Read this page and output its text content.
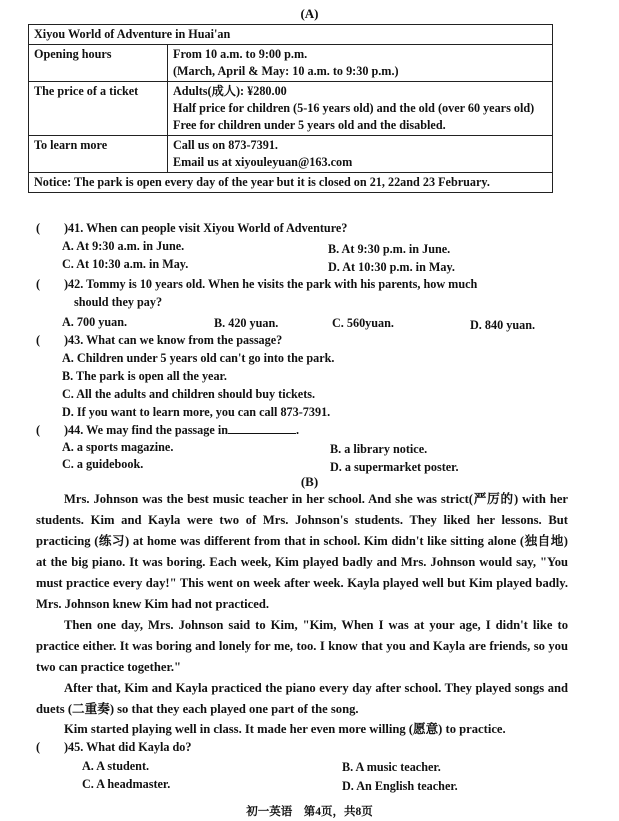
(A)
Xiyou World of Adventure in Huai'an	
Opening hours	From 10 a.m. to 9:00 p.m.
(March, April & May: 10 a.m. to 9:30 p.m.)

The price of a ticket	Adults(成人): ¥280.00
Half price for children (5-16 years old) and the old (over 60 years old)
Free for children under 5 years old and the disabled.

To learn more	Call us on 873-7391.
Email us at xiyouleyuan@163.com

Notice: The park is open every day of the year but it is closed on 21, 22and 23 February.	
( )41. When can people visit Xiyou World of Adventure?
A. At 9:30 a.m. in June.	B. At 9:30 p.m. in June.
C. At 10:30 a.m. in May.	D. At 10:30 p.m. in May.
( )42. Tommy is 10 years old. When he visits the park with his parents, how much
should they pay?
A. 700 yuan.	B. 420 yuan.	C. 560yuan.	D. 840 yuan.
( )43. What can we know from the passage?
A. Children under 5 years old can't go into the park.
B. The park is open all the year.
C. All the adults and children should buy tickets.
D. If you want to learn more, you can call 873-7391.
( )44. We may find the passage in	.
A. a sports magazine.	B. a library notice.
C. a guidebook.	D. a supermarket poster.
(B)
Mrs. Johnson was the best music teacher in her school. And she was strict(严厉的) with her students. Kim and Kayla were two of Mrs. Johnson's students. They liked her lessons. But practicing (练习) at home was different from that in school. Kim didn't like sitting alone (独自地) at the big piano. It was boring. Each week, Kim played badly and Mrs. Johnson would say, "You must practice every day!" This went on week after week. Kayla played well but Kim played badly. Mrs. Johnson knew Kim had not practiced.
Then one day, Mrs. Johnson said to Kim, "Kim, When I was at your age, I didn't like to practice either. It was boring and lonely for me, too. I know that you and Kayla are friends, so you two can practice together."
After that, Kim and Kayla practiced the piano every day after school. They played songs and duets (二重奏) so that they each played one part of the song.
Kim started playing well in class. It made her even more willing (愿意) to practice.
( )45. What did Kayla do?
A. A student.	B. A music teacher.
C. A headmaster.	D. An English teacher.
初一英语　第4页，共8页
